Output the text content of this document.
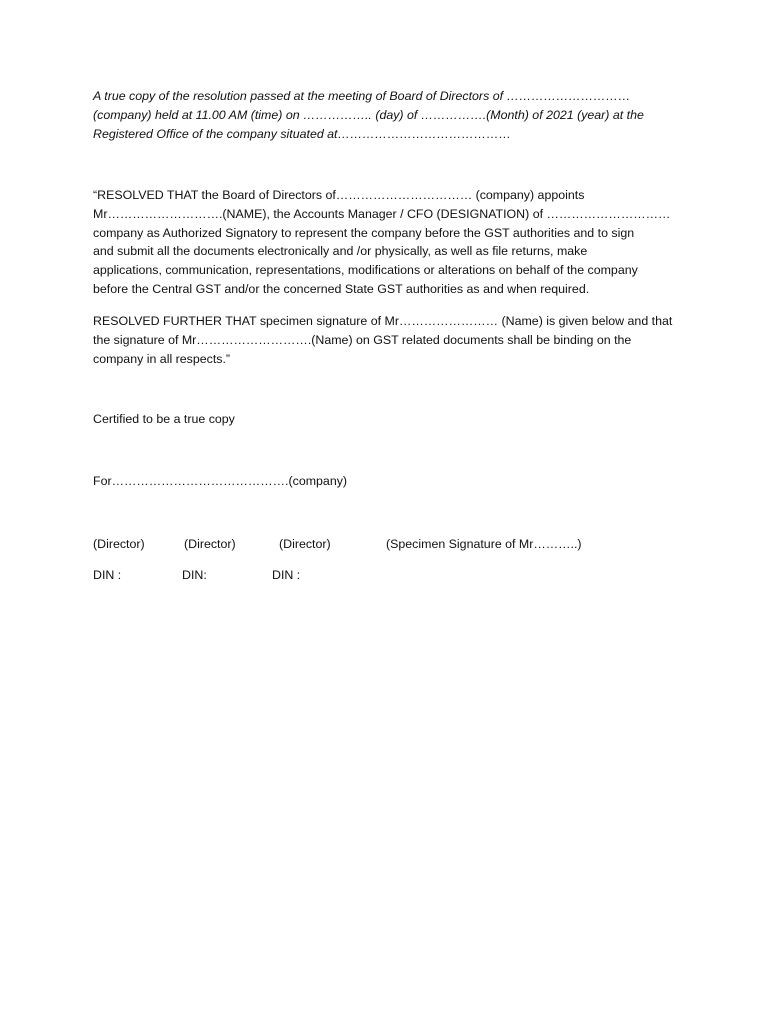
A true copy of the resolution passed at the meeting of Board of Directors of …………………………
(company) held at 11.00 AM (time) on …………….. (day) of …………….(Month) of 2021 (year) at the
Registered Office of the company situated at……………………………………

“RESOLVED THAT the Board of Directors of…………………………… (company) appoints
Mr……………………….(NAME), the Accounts Manager / CFO (DESIGNATION) of …………………………
company as Authorized Signatory to represent the company before the GST authorities and to sign
and submit all the documents electronically and /or physically, as well as file returns, make
applications, communication, representations, modifications or alterations on behalf of the company
before the Central GST and/or the concerned State GST authorities as and when required.

RESOLVED FURTHER THAT specimen signature of Mr…………………… (Name) is given below and that
the signature of Mr……………………….(Name) on GST related documents shall be binding on the
company in all respects.”

Certified to be a true copy

For…………………………………….(company)

(Director)	(Director)	(Director)	(Specimen Signature of Mr………..)
DIN :	DIN:	DIN :
